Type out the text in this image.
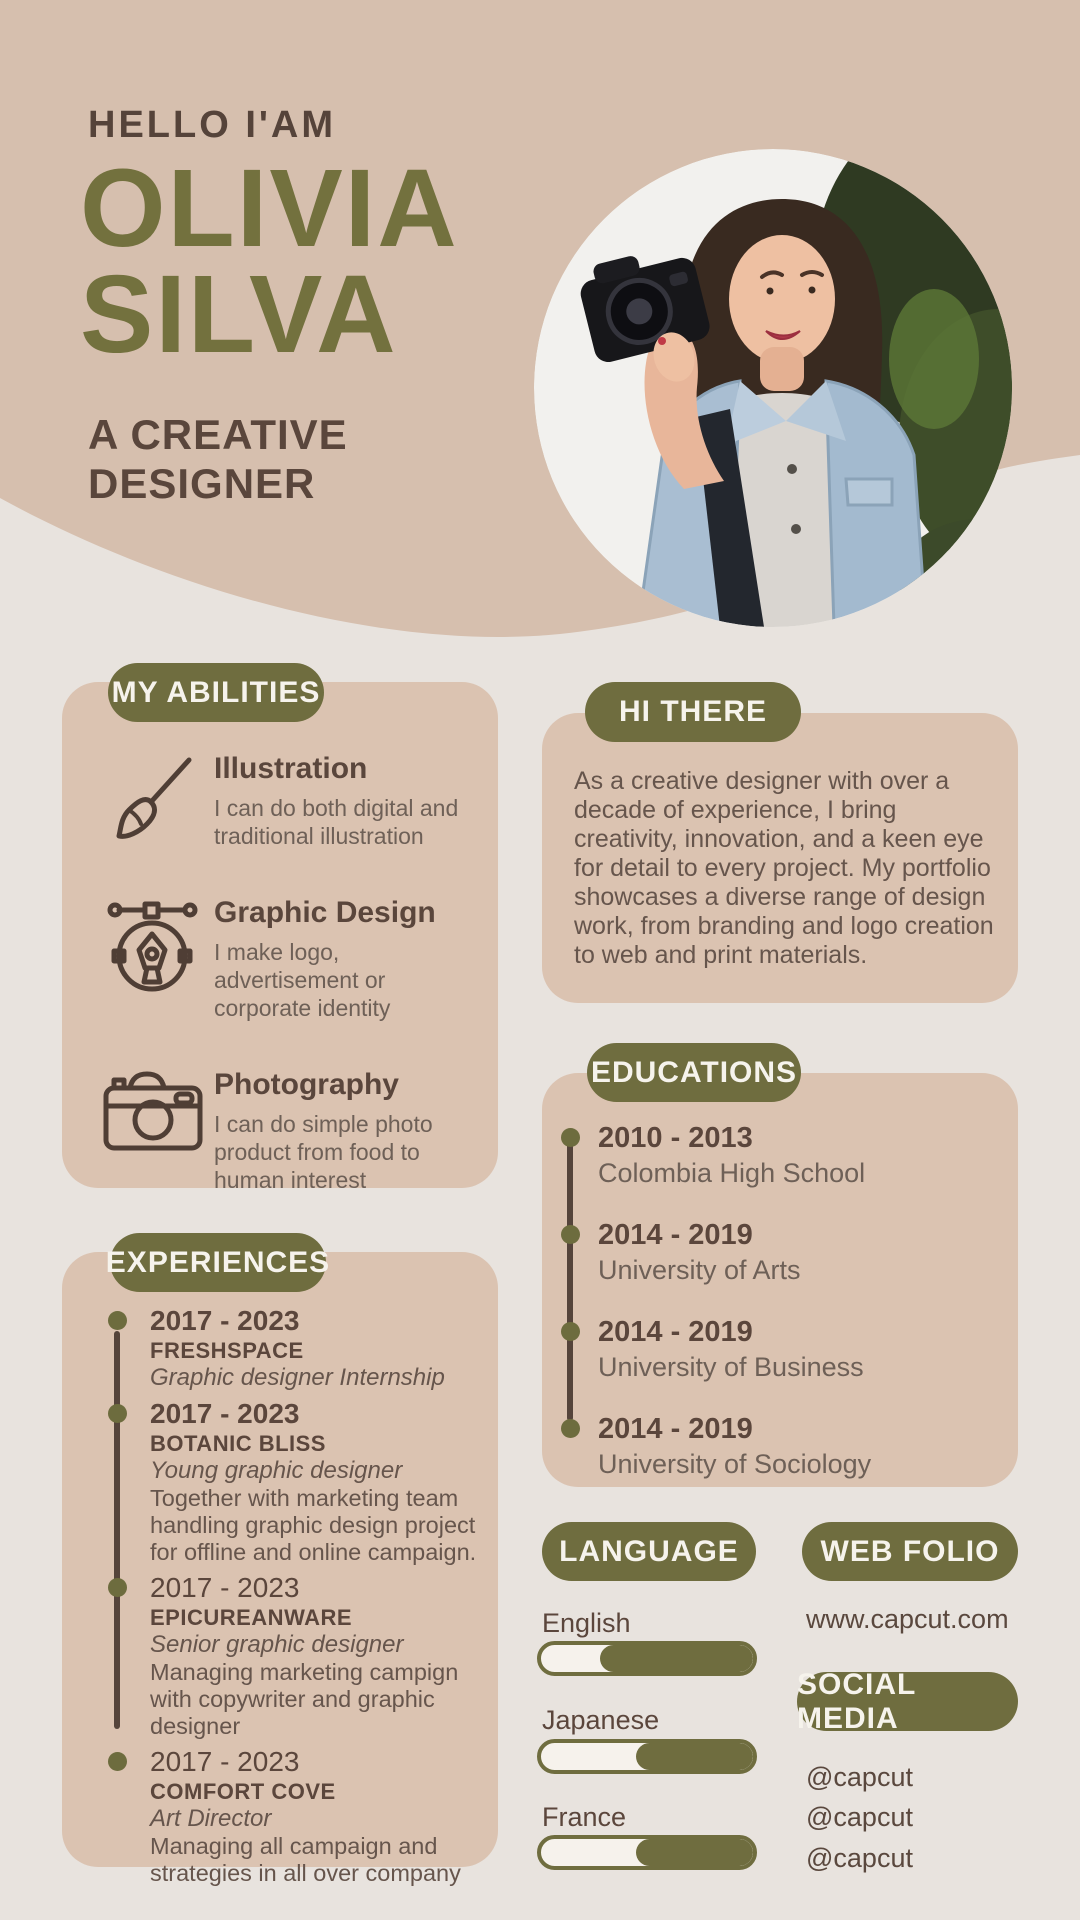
HELLO I'AM
OLIVIA
SILVA
A CREATIVE
DESIGNER
MY ABILITIES
Illustration
I can do both digital and traditional illustration
Graphic Design
I make logo, advertisement or corporate identity
Photography
I can do simple photo product from food to human interest
HI THERE
As a creative designer with over a decade of experience, I bring creativity, innovation, and a keen eye for detail to every project. My portfolio showcases a diverse range of design work, from branding and logo creation to web and print materials.
EDUCATIONS
2010 - 2013
Colombia High School
2014 - 2019
University of Arts
2014 - 2019
University of Business
2014 - 2019
University of Sociology
EXPERIENCES
2017 - 2023
FRESHSPACE
Graphic designer Internship
2017 - 2023
BOTANIC BLISS
Young graphic designer
Together with marketing team handling graphic design project for offline and online campaign.
2017 - 2023
EPICUREANWARE
Senior graphic designer
Managing marketing campign with copywriter and graphic designer
2017 - 2023
COMFORT COVE
Art Director
Managing all campaign and strategies in all over company
LANGUAGE
English
Japanese
France
WEB FOLIO
www.capcut.com
SOCIAL MEDIA
@capcut
@capcut
@capcut
